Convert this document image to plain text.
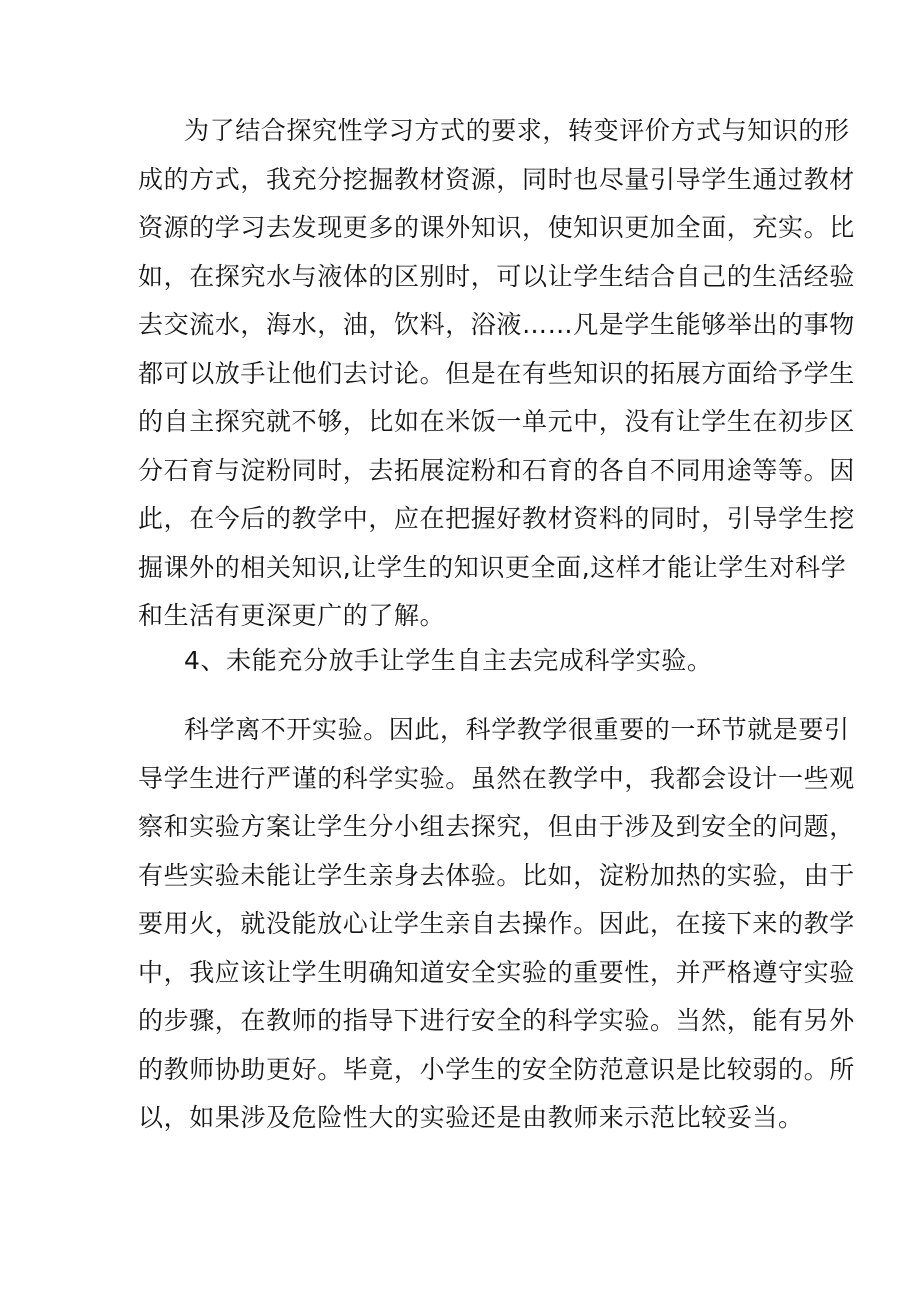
为了结合探究性学习方式的要求，转变评价方式与知识的形
成的方式，我充分挖掘教材资源，同时也尽量引导学生通过教材
资源的学习去发现更多的课外知识，使知识更加全面，充实。比
如，在探究水与液体的区别时，可以让学生结合自己的生活经验
去交流水，海水，油，饮料，浴液……凡是学生能够举出的事物
都可以放手让他们去讨论。但是在有些知识的拓展方面给予学生
的自主探究就不够，比如在米饭一单元中，没有让学生在初步区
分石育与淀粉同时，去拓展淀粉和石育的各自不同用途等等。因
此，在今后的教学中，应在把握好教材资料的同时，引导学生挖
掘课外的相关知识,让学生的知识更全面,这样才能让学生对科学
和生活有更深更广的了解。
4、未能充分放手让学生自主去完成科学实验。
科学离不开实验。因此，科学教学很重要的一环节就是要引
导学生进行严谨的科学实验。虽然在教学中，我都会设计一些观
察和实验方案让学生分小组去探究，但由于涉及到安全的问题，
有些实验未能让学生亲身去体验。比如，淀粉加热的实验，由于
要用火，就没能放心让学生亲自去操作。因此，在接下来的教学
中，我应该让学生明确知道安全实验的重要性，并严格遵守实验
的步骤，在教师的指导下进行安全的科学实验。当然，能有另外
的教师协助更好。毕竟，小学生的安全防范意识是比较弱的。所
以，如果涉及危险性大的实验还是由教师来示范比较妥当。
